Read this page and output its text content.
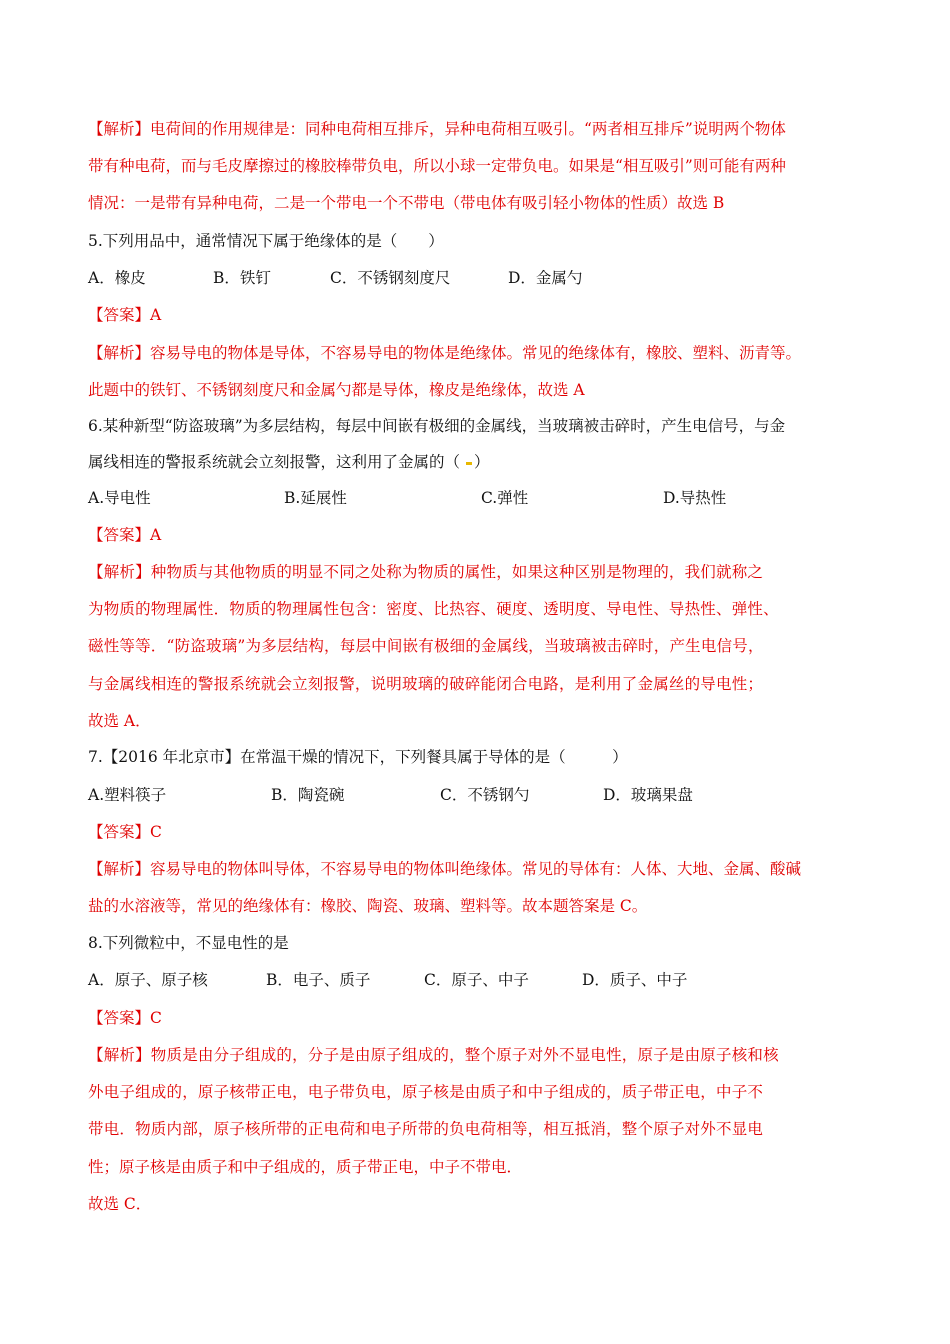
【解析】电荷间的作用规律是：同种电荷相互排斥，异种电荷相互吸引。“两者相互排斥”说明两个物体
带有种电荷，而与毛皮摩擦过的橡胶棒带负电，所以小球一定带负电。如果是“相互吸引”则可能有两种
情况：一是带有异种电荷，二是一个带电一个不带电（带电体有吸引轻小物体的性质）故选 B
5.下列用品中，通常情况下属于绝缘体的是（　　）
A．橡皮	B．铁钉	C．不锈钢刻度尺	D．金属勺
【答案】A
【解析】容易导电的物体是导体，不容易导电的物体是绝缘体。常见的绝缘体有，橡胶、塑料、沥青等。
此题中的铁钉、不锈钢刻度尺和金属勺都是导体，橡皮是绝缘体，故选 A
6.某种新型“防盗玻璃”为多层结构，每层中间嵌有极细的金属线，当玻璃被击碎时，产生电信号，与金
属线相连的警报系统就会立刻报警，这利用了金属的（ ）
A.导电性	B.延展性	C.弹性	D.导热性
【答案】A
【解析】种物质与其他物质的明显不同之处称为物质的属性，如果这种区别是物理的，我们就称之
为物质的物理属性．物质的物理属性包含：密度、比热容、硬度、透明度、导电性、导热性、弹性、
磁性等等．“防盗玻璃”为多层结构，每层中间嵌有极细的金属线，当玻璃被击碎时，产生电信号，
与金属线相连的警报系统就会立刻报警，说明玻璃的破碎能闭合电路，是利用了金属丝的导电性；
故选 A．
7.【2016 年北京市】在常温干燥的情况下，下列餐具属于导体的是（　　　）
A.塑料筷子	B．陶瓷碗	C．不锈钢勺	D．玻璃果盘
【答案】C
【解析】容易导电的物体叫导体，不容易导电的物体叫绝缘体。常见的导体有：人体、大地、金属、酸碱
盐的水溶液等，常见的绝缘体有：橡胶、陶瓷、玻璃、塑料等。故本题答案是 C。
8.下列微粒中，不显电性的是
A．原子、原子核	B．电子、质子	C．原子、中子	D．质子、中子
【答案】C
【解析】物质是由分子组成的，分子是由原子组成的，整个原子对外不显电性，原子是由原子核和核
外电子组成的，原子核带正电，电子带负电，原子核是由质子和中子组成的，质子带正电，中子不
带电．物质内部，原子核所带的正电荷和电子所带的负电荷相等，相互抵消，整个原子对外不显电
性；原子核是由质子和中子组成的，质子带正电，中子不带电．
故选 C．
